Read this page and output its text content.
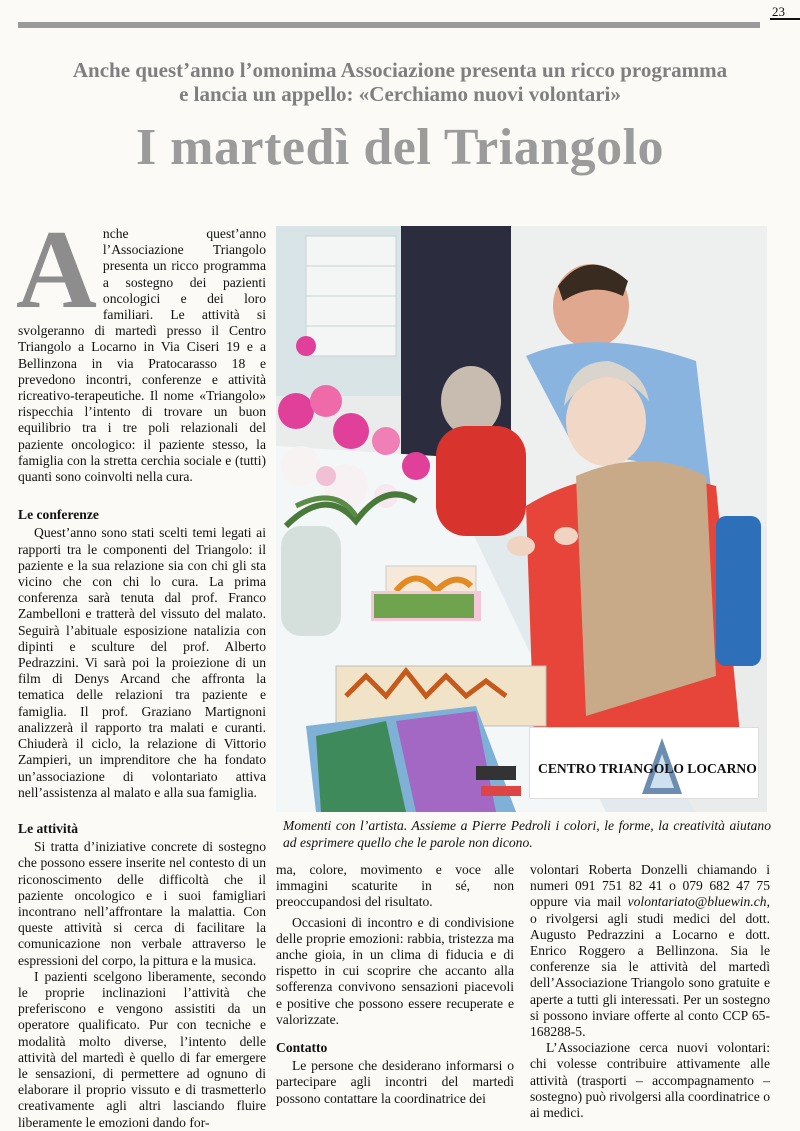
23
Anche quest’anno l’omonima Associazione presenta un ricco programma
e lancia un appello: «Cerchiamo nuovi volontari»
I martedì del Triangolo
A nche quest’anno l’Associazione Triangolo presenta un ricco programma a sostegno dei pazienti oncologici e dei loro familiari. Le attività si svolgeranno di martedì presso il Centro Triangolo a Locarno in Via Ciseri 19 e a Bellinzona in via Pratocarasso 18 e prevedono incontri, conferenze e attività ricreativo-terapeutiche. Il nome «Triangolo» rispecchia l’intento di trovare un buon equilibrio tra i tre poli relazionali del paziente oncologico: il paziente stesso, la famiglia con la stretta cerchia sociale e (tutti) quanti sono coinvolti nella cura.

Le conferenze

Quest’anno sono stati scelti temi legati ai rapporti tra le componenti del Triangolo: il paziente e la sua relazione sia con chi gli sta vicino che con chi lo cura. La prima conferenza sarà tenuta dal prof. Franco Zambelloni e tratterà del vissuto del malato. Seguirà l’abituale esposizione natalizia con dipinti e sculture del prof. Alberto Pedrazzini. Vi sarà poi la proiezione di un film di Denys Arcand che affronta la tematica delle relazioni tra paziente e famiglia. Il prof. Graziano Martignoni analizzerà il rapporto tra malati e curanti. Chiuderà il ciclo, la relazione di Vittorio Zampieri, un imprenditore che ha fondato un’associazione di volontariato attiva nell’assistenza al malato e alla sua famiglia.

Le attività

Si tratta d’iniziative concrete di sostegno che possono essere inserite nel contesto di un riconoscimento delle difficoltà che il paziente oncologico e i suoi famigliari incontrano nell’affrontare la malattia. Con queste attività si cerca di facilitare la comunicazione non verbale attraverso le espressioni del corpo, la pittura e la musica.

I pazienti scelgono liberamente, secondo le proprie inclinazioni l’attività che preferiscono e vengono assistiti da un operatore qualificato. Pur con tecniche e modalità molto diverse, l’intento delle attività del martedì è quello di far emergere le sensazioni, di permettere ad ognuno di elaborare il proprio vissuto e di trasmetterlo creativamente agli altri lasciando fluire liberamente le emozioni dando for-

CENTRO TRIANGOLO LOCARNO
Momenti con l’artista. Assieme a Pierre Pedroli i colori, le forme, la creatività aiutano ad esprimere quello che le parole non dicono.

ma, colore, movimento e voce alle immagini scaturite in sé, non preoccupandosi del risultato.

Occasioni di incontro e di condivisione delle proprie emozioni: rabbia, tristezza ma anche gioia, in un clima di fiducia e di rispetto in cui scoprire che accanto alla sofferenza convivono sensazioni piacevoli e positive che possono essere recuperate e valorizzate.

Contatto

Le persone che desiderano informarsi o partecipare agli incontri del martedì possono contattare la coordinatrice dei

volontari Roberta Donzelli chiamando i numeri 091 751 82 41 o 079 682 47 75 oppure via mail volontariato@bluewin.ch, o rivolgersi agli studi medici del dott. Augusto Pedrazzini a Locarno e dott. Enrico Roggero a Bellinzona. Sia le conferenze sia le attività del martedì dell’Associazione Triangolo sono gratuite e aperte a tutti gli interessati. Per un sostegno si possono inviare offerte al conto CCP 65-168288-5.

L’Associazione cerca nuovi volontari: chi volesse contribuire attivamente alle attività (trasporti – accompagnamento – sostegno) può rivolgersi alla coordinatrice o ai medici.
